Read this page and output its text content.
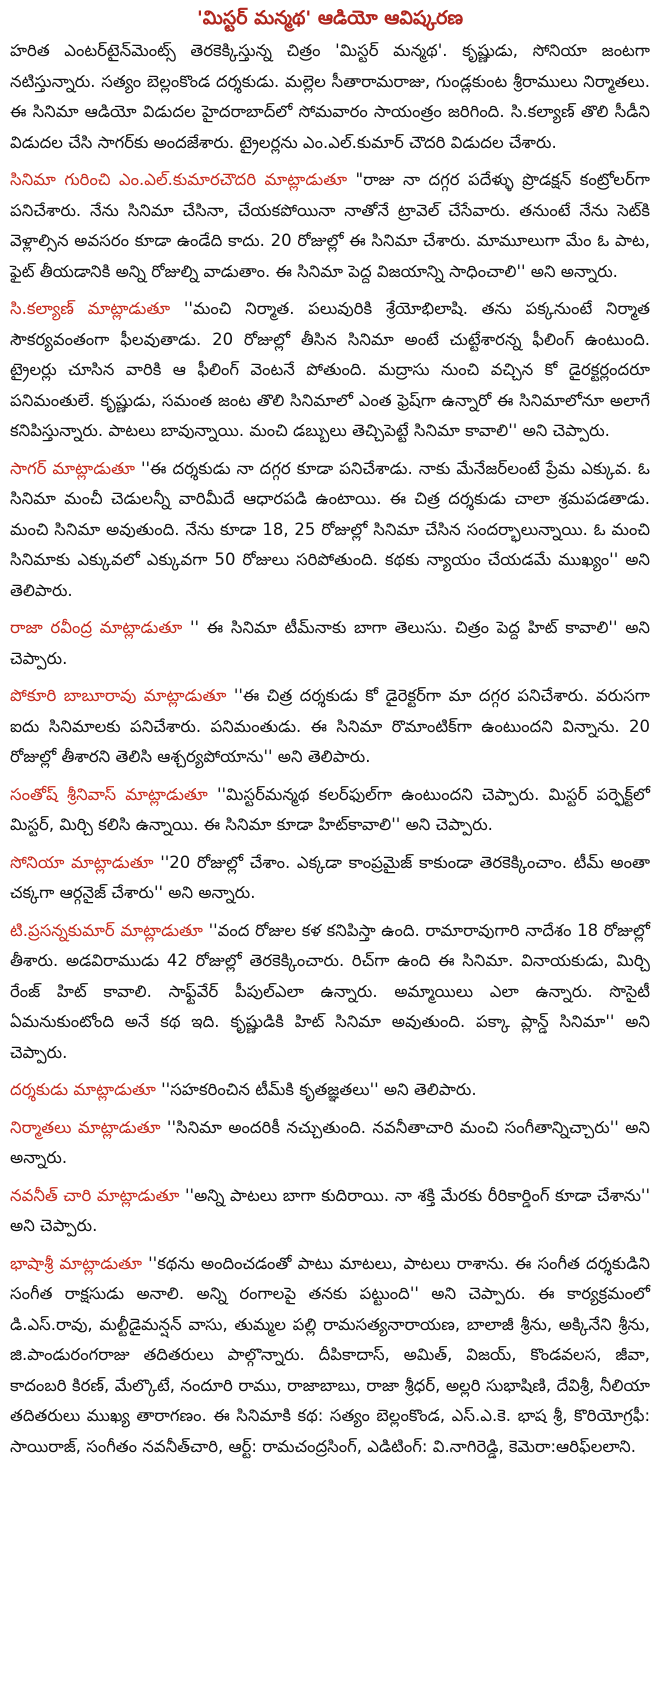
'మిస్టర్ మన్మథ' ఆడియో ఆవిష్కరణ

హరిత ఎంటర్‌టైన్‌మెంట్స్ తెరకెక్కిస్తున్న చిత్రం 'మిస్టర్ మన్మథ'. కృష్ణుడు, సోనియా జంటగా నటిస్తున్నారు. సత్యం బెల్లంకొండ దర్శకుడు. మల్లెల సీతారామరాజు, గుండ్లకుంట శ్రీరాములు నిర్మాతలు. ఈ సినిమా ఆడియో విడుదల హైదరాబాద్‌లో సోమవారం సాయంత్రం జరిగింది. సి.కల్యాణ్ తొలి సీడీని విడుదల చేసి సాగర్‌కు అందజేశారు. ట్రైలర్లను ఎం.ఎల్.కుమార్ చౌదరి విడుదల చేశారు.

సినిమా గురించి ఎం.ఎల్.కుమారచౌదరి మాట్లాడుతూ "రాజు నా దగ్గర పదేళ్ళు ప్రొడక్షన్ కంట్రోలర్‌గా పనిచేశారు. నేను సినిమా చేసినా, చేయకపోయినా నాతోనే ట్రావెల్ చేసేవారు. తనుంటే నేను సెట్‌కి వెళ్లాల్సిన అవసరం కూడా ఉండేది కాదు. 20 రోజుల్లో ఈ సినిమా చేశారు. మామూలుగా మేం ఓ పాట, ఫైట్ తీయడానికి అన్ని రోజుల్ని వాడుతాం. ఈ సినిమా పెద్ద విజయాన్ని సాధించాలి'' అని అన్నారు.

సి.కల్యాణ్ మాట్లాడుతూ ''మంచి నిర్మాత. పలువురికి శ్రేయోభిలాషి. తను పక్కనుంటే నిర్మాత సౌకర్యవంతంగా ఫీలవుతాడు. 20 రోజుల్లో తీసిన సినిమా అంటే చుట్టేశారన్న ఫీలింగ్ ఉంటుంది. ట్రైలర్లు చూసిన వారికి ఆ ఫీలింగ్ వెంటనే పోతుంది. మద్రాసు నుంచి వచ్చిన కో డైరక్టర్లందరూ పనిమంతులే. కృష్ణుడు, సమంత జంట తొలి సినిమాలో ఎంత ఫ్రెష్‌గా ఉన్నారో ఈ సినిమాలోనూ అలాగే కనిపిస్తున్నారు. పాటలు బావున్నాయి. మంచి డబ్బులు తెచ్చిపెట్టే సినిమా కావాలి'' అని చెప్పారు.

సాగర్ మాట్లాడుతూ ''ఈ దర్శకుడు నా దగ్గర కూడా పనిచేశాడు. నాకు మేనేజర్‌లంటే ప్రేమ ఎక్కువ. ఓ సినిమా మంచీ చెడులన్నీ వారిమీదే ఆధారపడి ఉంటాయి. ఈ చిత్ర దర్శకుడు చాలా శ్రమపడతాడు. మంచి సినిమా అవుతుంది. నేను కూడా 18, 25 రోజుల్లో సినిమా చేసిన సందర్భాలున్నాయి. ఓ మంచి సినిమాకు ఎక్కువలో ఎక్కువగా 50 రోజులు సరిపోతుంది. కథకు న్యాయం చేయడమే ముఖ్యం'' అని తెలిపారు.

రాజా రవీంద్ర మాట్లాడుతూ '' ఈ సినిమా టీమ్‌నాకు బాగా తెలుసు. చిత్రం పెద్ద హిట్ కావాలి'' అని చెప్పారు.

పోకూరి బాబూరావు మాట్లాడుతూ ''ఈ చిత్ర దర్శకుడు కో డైరెక్టర్‌గా మా దగ్గర పనిచేశారు. వరుసగా ఐదు సినిమాలకు పనిచేశారు. పనిమంతుడు. ఈ సినిమా రొమాంటిక్‌గా ఉంటుందని విన్నాను. 20 రోజుల్లో తీశారని తెలిసి ఆశ్చర్యపోయాను'' అని తెలిపారు.

సంతోష్ శ్రీనివాస్ మాట్లాడుతూ ''మిస్టర్‌మన్మథ కలర్‌ఫుల్‌గా ఉంటుందని చెప్పారు. మిస్టర్ పర్ఫెక్ట్‌లో మిస్టర్, మిర్చి కలిసి ఉన్నాయి. ఈ సినిమా కూడా హిట్‌కావాలి'' అని చెప్పారు.

సోనియా మాట్లాడుతూ ''20 రోజుల్లో చేశాం. ఎక్కడా కాంప్రమైజ్ కాకుండా తెరకెక్కించాం. టీమ్ అంతా చక్కగా ఆర్గనైజ్ చేశారు'' అని అన్నారు.

టి.ప్రసన్నకుమార్ మాట్లాడుతూ ''వంద రోజుల కళ కనిపిస్తా ఉంది. రామారావుగారి నాదేశం 18 రోజుల్లో తీశారు. అడవిరాముడు 42 రోజుల్లో తెరకెక్కించారు. రిచ్‌గా ఉంది ఈ సినిమా. వినాయకుడు, మిర్చి రేంజ్ హిట్ కావాలి. సాఫ్ట్‌వేర్ పీపుల్ఎలా ఉన్నారు. అమ్మాయిలు ఎలా ఉన్నారు. సొసైటీ ఏమనుకుంటోంది అనే కథ ఇది. కృష్ణుడికి హిట్ సినిమా అవుతుంది. పక్కా ప్లాన్డ్ సినిమా'' అని చెప్పారు.

దర్శకుడు మాట్లాడుతూ ''సహకరించిన టీమ్‌కి కృతజ్ఞతలు'' అని తెలిపారు.

నిర్మాతలు మాట్లాడుతూ ''సినిమా అందరికీ నచ్చుతుంది. నవనీతాచారి మంచి సంగీతాన్నిచ్చారు'' అని అన్నారు.

నవనీత్ చారి మాట్లాడుతూ ''అన్ని పాటలు బాగా కుదిరాయి. నా శక్తి మేరకు రీరికార్డింగ్ కూడా చేశాను'' అని చెప్పారు.

భాషాశ్రీ మాట్లాడుతూ ''కథను అందించడంతో పాటు మాటలు, పాటలు రాశాను. ఈ సంగీత దర్శకుడిని సంగీత రాక్షసుడు అనాలి. అన్ని రంగాలపై తనకు పట్టుంది'' అని చెప్పారు. ఈ కార్యక్రమంలో డి.ఎస్.రావు, మల్టీడైమన్షన్ వాసు, తుమ్మల పల్లి రామసత్యనారాయణ, బాలాజీ శ్రీను, అక్కినేని శ్రీను, జి.పాండురంగరాజు తదితరులు పాల్గొన్నారు. దీపికాదాస్, అమిత్, విజయ్, కొండవలస, జీవా, కాదంబరి కిరణ్, మేల్కొటే, నందూరి రాము, రాజాబాబు, రాజా శ్రీధర్, అల్లరి సుభాషిణి, దేవిశ్రీ, నీలియా తదితరులు ముఖ్య తారాగణం. ఈ సినిమాకి కథ: సత్యం బెల్లంకొండ, ఎస్.ఎ.కె. భాష శ్రీ, కొరియోగ్రఫీ: సాయిరాజ్, సంగీతం నవనీత్‌చారి, ఆర్ట్: రామచంద్రసింగ్, ఎడిటింగ్: వి.నాగిరెడ్డి, కెమెరా:ఆరిఫ్‌లలాని.
